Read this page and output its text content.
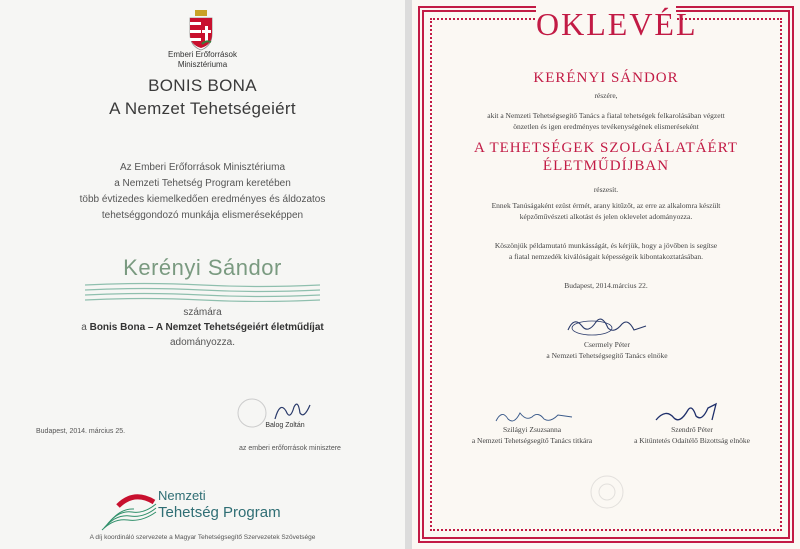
Emberi Erőforrások
Minisztériuma
BONIS BONA
A Nemzet Tehetségeiért
Az Emberi Erőforrások Minisztériuma
a Nemzeti Tehetség Program keretében
több évtizedes kiemelkedően eredményes és áldozatos
tehetséggondozó munkája elismeréseképpen
Kerényi Sándor
számára
a Bonis Bona – A Nemzet Tehetségeiért életműdíjat
adományozza.
Budapest, 2014. március 25.
Balog Zoltán
az emberi erőforrások minisztere
Nemzeti
Tehetség Program
A díj koordináló szervezete a Magyar Tehetségsegítő Szervezetek Szövetsége
OKLEVÉL
KERÉNYI SÁNDOR
részére,
akit a Nemzeti Tehetségsegítő Tanács a fiatal tehetségek felkarolásában végzett
önzetlen és igen eredményes tevékenységének elismeréseként
A TEHETSÉGEK SZOLGÁLATÁÉRT
ÉLETMŰDÍJBAN
részesít.
Ennek Tanúságaként ezüst érmét, arany kitűzőt, az erre az alkalomra készült
képzőművészeti alkotást és jelen oklevelet adományozza.
Köszönjük példamutató munkásságát, és kérjük, hogy a jövőben is segítse
a fiatal nemzedék kiválóságait képességeik kibontakoztatásában.
Budapest, 2014.március 22.
Csermely Péter
a Nemzeti Tehetségsegítő Tanács elnöke
Szilágyi Zsuzsanna
a Nemzeti Tehetségsegítő Tanács titkára
Szendrő Péter
a Kitüntetés Odaítélő Bizottság elnöke
